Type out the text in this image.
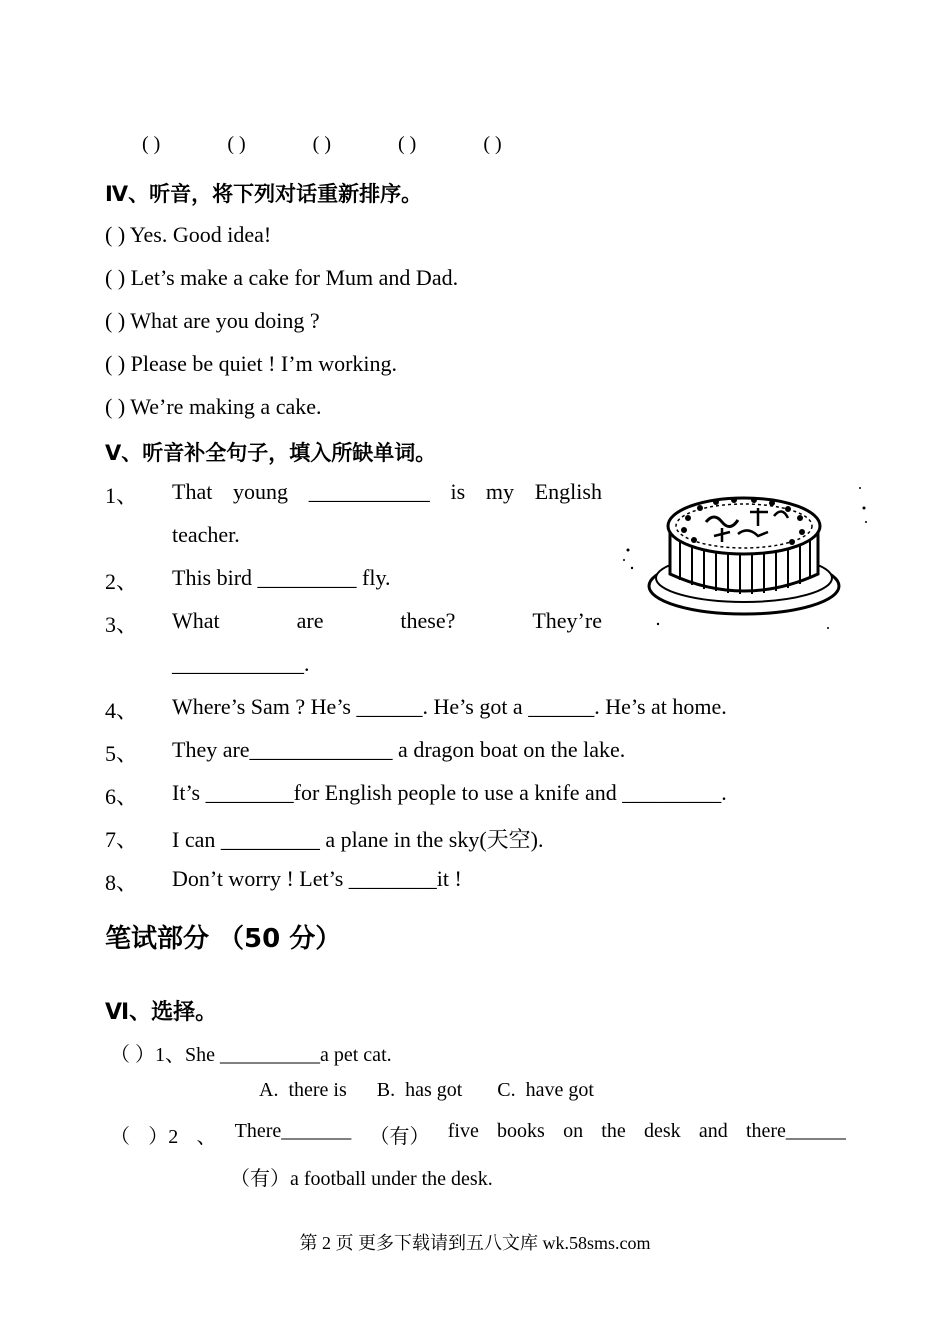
( )	( )	( )	( )	( )
Ⅳ、听音，将下列对话重新排序。
( ) Yes. Good idea!
( ) Let’s make a cake for Mum and Dad.
( ) What are you doing ?
( ) Please be quiet ! I’m working.
( ) We’re making a cake.
Ⅴ、听音补全句子，填入所缺单词。
1、 That young ___________ is my English
teacher.
2、 This bird _________ fly.
3、 What	are	these?	They’re
____________.
4、 Where’s Sam ? He’s ______. He’s got a ______. He’s at home.
5、 They are_____________ a dragon boat on the lake.
6、 It’s ________for English people to use a knife and _________.
7、 I can _________ a plane in the sky(天空).
8、 Don’t worry ! Let’s ________it !
笔试部分 （50 分）
Ⅵ、选择。
（ ）1、She __________a pet cat.
A.  there is      B.  has got       C.  have got
（ ）2 、 There_______ （有） five books on the desk and there______
（有）a football under the desk.
第 2 页 更多下载请到五八文库 wk.58sms.com
